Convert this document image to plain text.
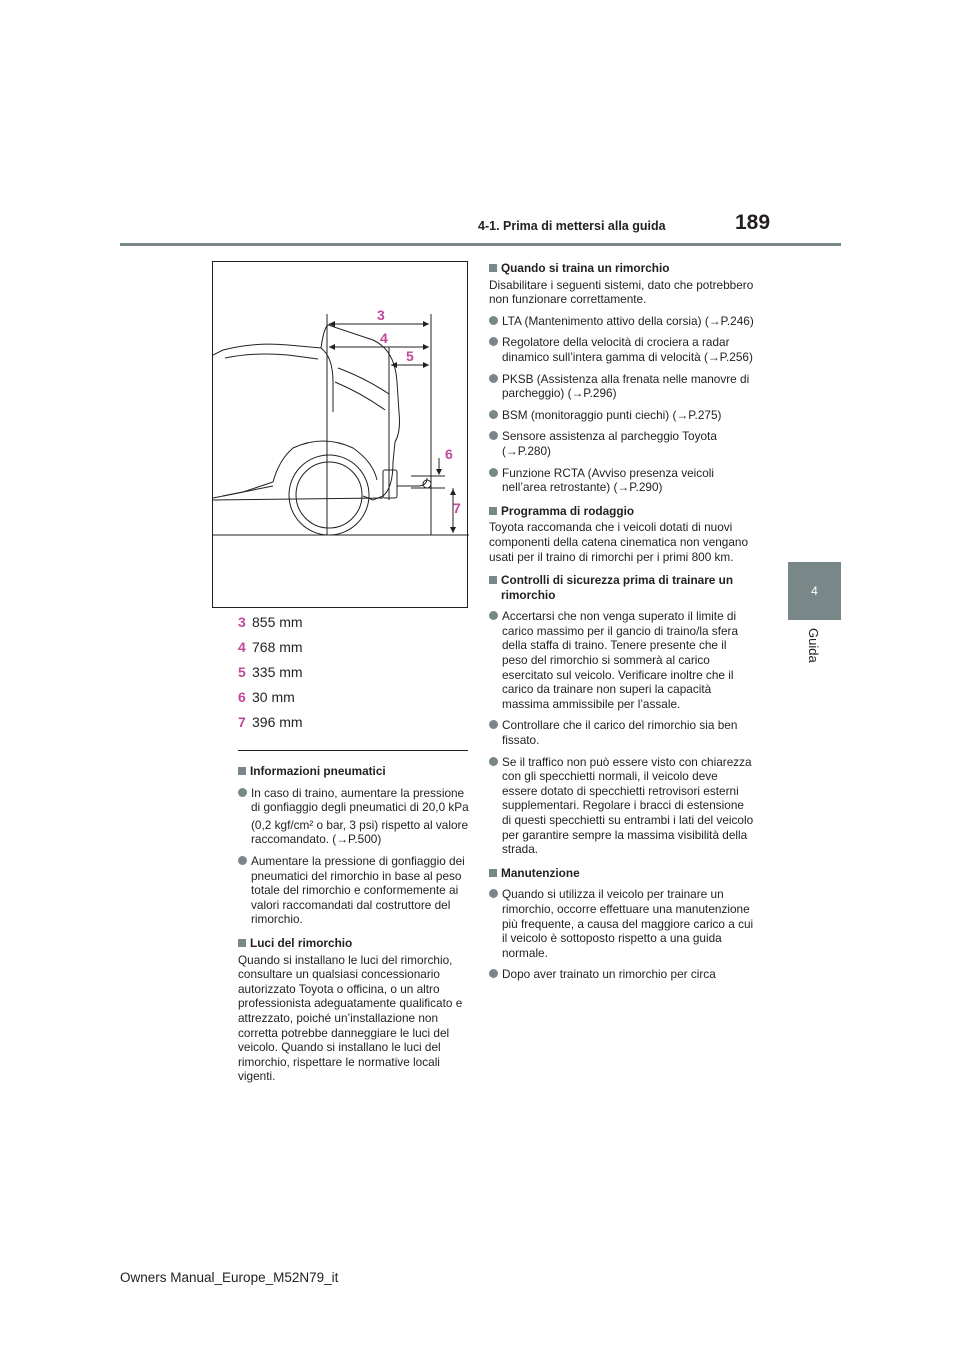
4-1. Prima di mettersi alla guida	189
4
Guida
3
4
5
6
7
3 855 mm
4 768 mm
5 335 mm
6 30 mm
7 396 mm
Informazioni pneumatici
In caso di traino, aumentare la pressione di gonfiaggio degli pneumatici di 20,0 kPa
(0,2 kgf/cm² o bar, 3 psi) rispetto al valore raccomandato. (→P.500)
Aumentare la pressione di gonfiaggio dei pneumatici del rimorchio in base al peso totale del rimorchio e conformemente ai valori raccomandati dal costruttore del rimorchio.
Luci del rimorchio
Quando si installano le luci del rimorchio, consultare un qualsiasi concessionario autorizzato Toyota o officina, o un altro professionista adeguatamente qualificato e attrezzato, poiché un’installazione non corretta potrebbe danneggiare le luci del veicolo. Quando si installano le luci del rimorchio, rispettare le normative locali vigenti.
Quando si traina un rimorchio
Disabilitare i seguenti sistemi, dato che potrebbero non funzionare correttamente.
LTA (Mantenimento attivo della corsia) (→P.246)
Regolatore della velocità di crociera a radar dinamico sull’intera gamma di velocità (→P.256)
PKSB (Assistenza alla frenata nelle manovre di parcheggio) (→P.296)
BSM (monitoraggio punti ciechi) (→P.275)
Sensore assistenza al parcheggio Toyota (→P.280)
Funzione RCTA (Avviso presenza veicoli nell’area retrostante) (→P.290)
Programma di rodaggio
Toyota raccomanda che i veicoli dotati di nuovi componenti della catena cinematica non vengano usati per il traino di rimorchi per i primi 800 km.
Controlli di sicurezza prima di trainare un rimorchio
Accertarsi che non venga superato il limite di carico massimo per il gancio di traino/la sfera della staffa di traino. Tenere presente che il peso del rimorchio si sommerà al carico esercitato sul veicolo. Verificare inoltre che il carico da trainare non superi la capacità massima ammissibile per l’assale.
Controllare che il carico del rimorchio sia ben fissato.
Se il traffico non può essere visto con chiarezza con gli specchietti normali, il veicolo deve essere dotato di specchietti retrovisori esterni supplementari. Regolare i bracci di estensione di questi specchietti su entrambi i lati del veicolo per garantire sempre la massima visibilità della strada.
Manutenzione
Quando si utilizza il veicolo per trainare un rimorchio, occorre effettuare una manutenzione più frequente, a causa del maggiore carico a cui il veicolo è sottoposto rispetto a una guida normale.
Dopo aver trainato un rimorchio per circa
Owners Manual_Europe_M52N79_it
